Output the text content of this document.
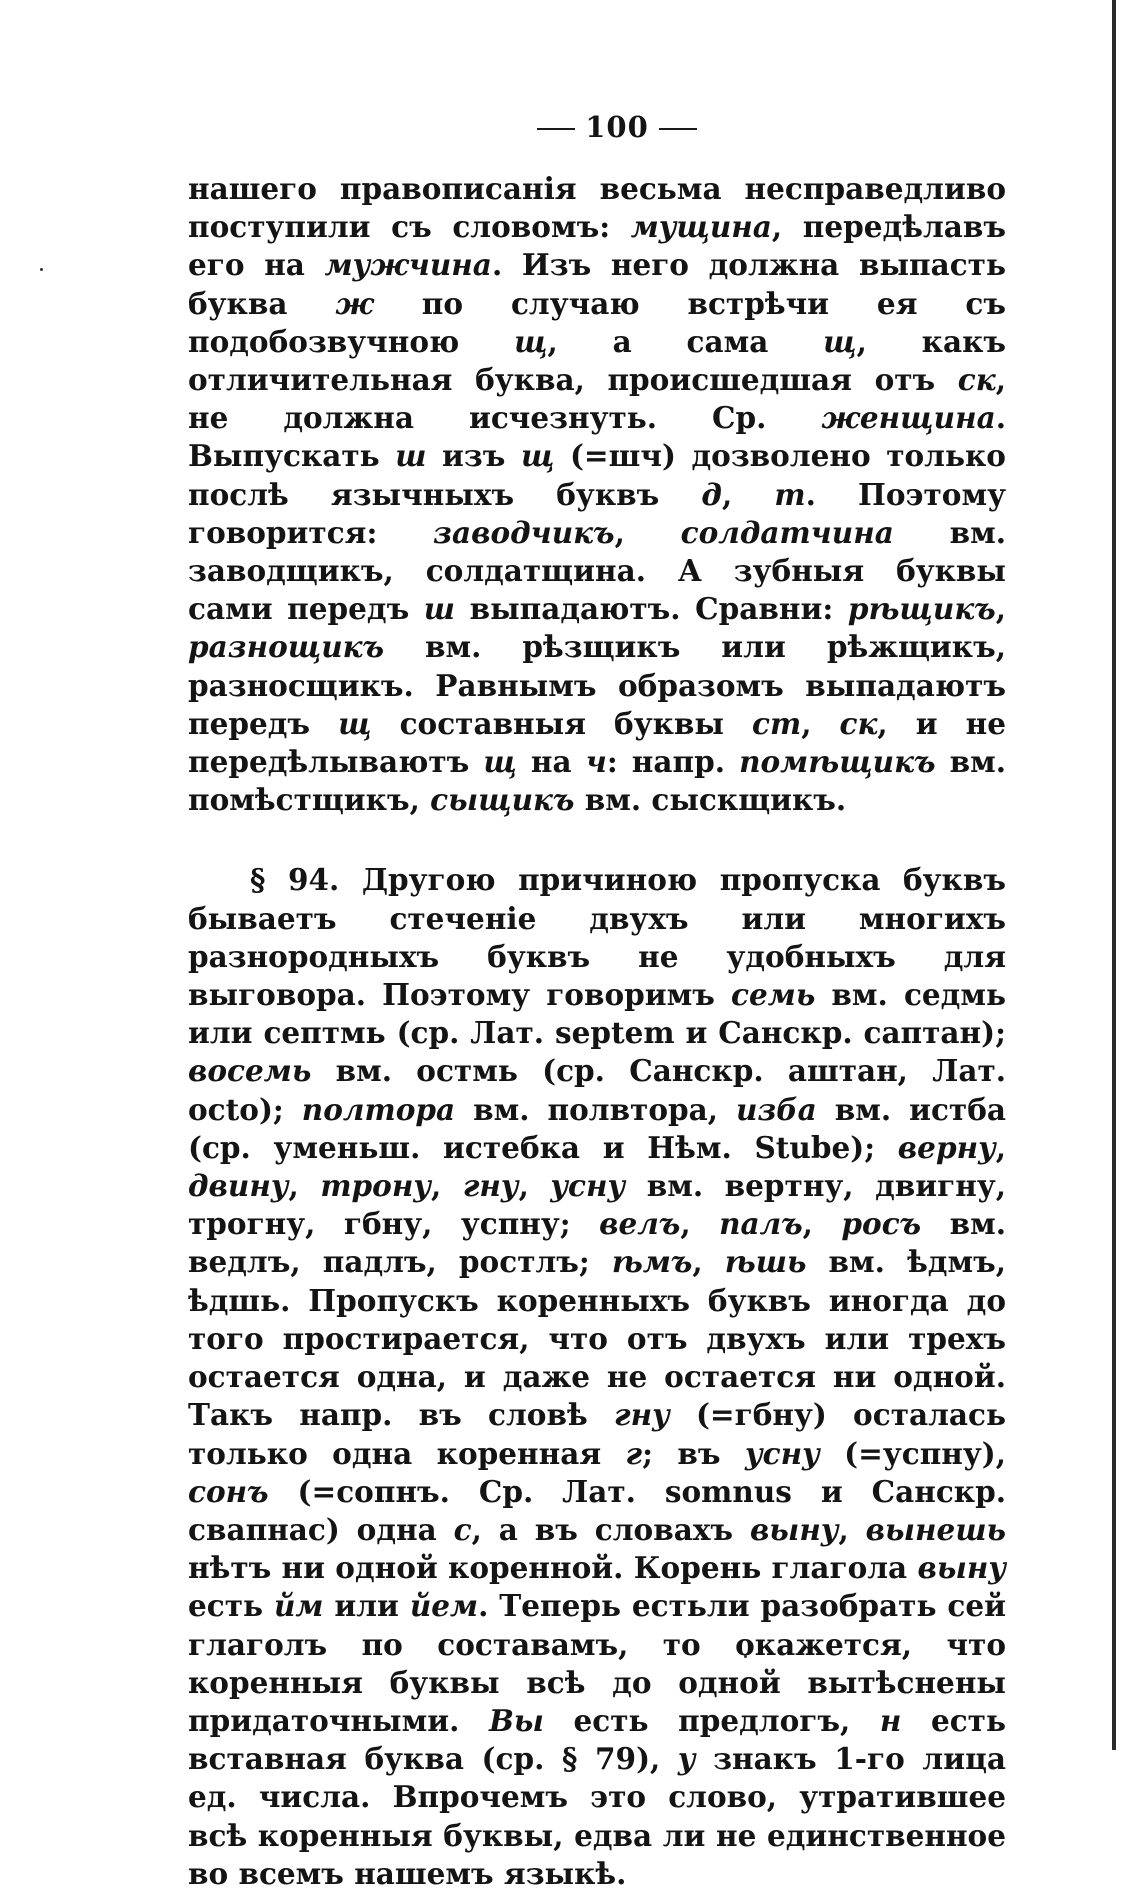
100

нашего правописанія весьма несправедливо поступили съ словомъ: мущина, передѣлавъ его на мужчина. Изъ него должна выпасть буква ж по случаю встрѣчи ея съ подобозвучною щ, а сама щ, какъ отличительная буква, происшедшая отъ ск, не должна исчезнуть. Ср. женщина. Выпускать ш изъ щ (=шч) дозволено только послѣ язычныхъ буквъ д, т. Поэтому говорится: заводчикъ, солдатчина вм. заводщикъ, солдатщина. А зубныя буквы сами передъ ш выпадаютъ. Сравни: рѣщикъ, разнощикъ вм. рѣзщикъ или рѣжщикъ, разносщикъ. Равнымъ образомъ выпадаютъ передъ щ составныя буквы ст, ск, и не передѣлываютъ щ на ч: напр. помѣщикъ вм. помѣстщикъ, сыщикъ вм. сыскщикъ.

§ 94. Другою причиною пропуска буквъ бываетъ стеченіе двухъ или многихъ разнородныхъ буквъ не удобныхъ для выговора. Поэтому говоримъ семь вм. седмь или септмь (ср. Лат. septem и Санскр. саптан); восемь вм. остмь (ср. Санскр. аштан, Лат. octo); полтора вм. полвтора, изба вм. истба (ср. уменьш. истебка и Нѣм. Stube); верну, двину, трону, гну, усну вм. вертну, двигну, трогну, гбну, успну; велъ, палъ, росъ вм. ведлъ, падлъ, ростлъ; ѣмъ, ѣшь вм. ѣдмъ, ѣдшь. Пропускъ коренныхъ буквъ иногда до того простирается, что отъ двухъ или трехъ остается одна, и даже не остается ни одной. Такъ напр. въ словѣ гну (=гбну) осталась только одна коренная г; въ усну (=успну), сонъ (=сопнъ. Ср. Лат. somnus и Санскр. свапнас) одна с, а въ словахъ выну, вынешь нѣтъ ни одной коренной. Корень глагола выну есть йм или йем. Теперь естьли разобрать сей глаголъ по составамъ, то окажется, что коренныя буквы всѣ до одной вытѣснены придаточными. Вы есть предлогъ, н есть вставная буква (ср. § 79), у знакъ 1-го лица ед. числа. Впрочемъ это слово, утратившее всѣ коренныя буквы, едва ли не единственное во всемъ нашемъ языкѣ.
